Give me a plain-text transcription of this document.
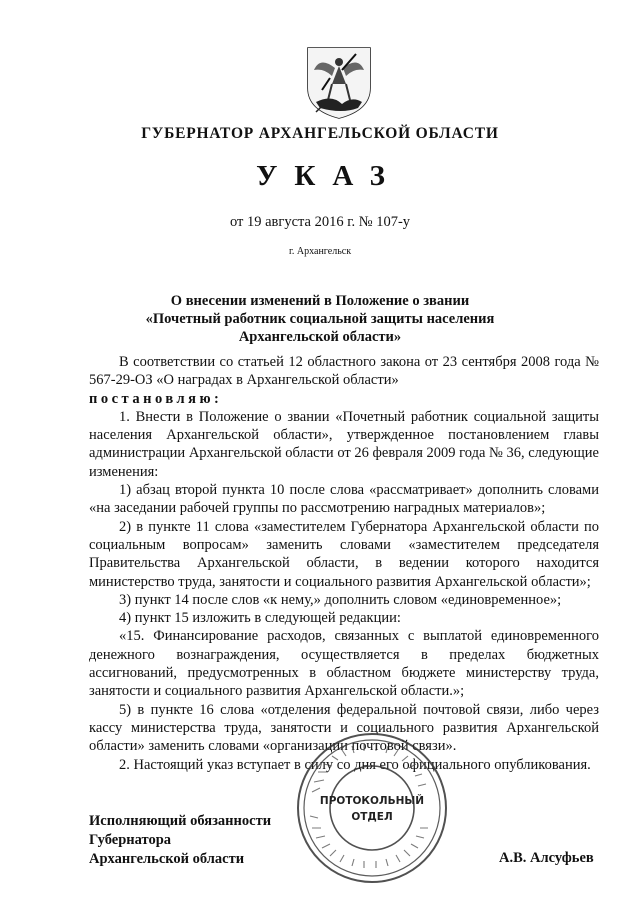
ГУБЕРНАТОР АРХАНГЕЛЬСКОЙ ОБЛАСТИ
УКАЗ
от 19 августа 2016 г. № 107-у
г. Архангельск
О внесении изменений в Положение о звании
«Почетный работник социальной защиты населения
Архангельской области»

В соответствии со статьей 12 областного закона от 23 сентября 2008 года № 567-29-ОЗ «О наградах в Архангельской области»

постановляю:

1. Внести в Положение о звании «Почетный работник социальной защиты населения Архангельской области», утвержденное постановлением главы администрации Архангельской области от 26 февраля 2009 года № 36, следующие изменения:

1) абзац второй пункта 10 после слова «рассматривает» дополнить словами «на заседании рабочей группы по рассмотрению наградных материалов»;

2) в пункте 11 слова «заместителем Губернатора Архангельской области по социальным вопросам» заменить словами «заместителем председателя Правительства Архангельской области, в ведении которого находится министерство труда, занятости и социального развития Архангельской области»;

3) пункт 14 после слов «к нему,» дополнить словом «единовременное»;

4) пункт 15 изложить в следующей редакции:

«15. Финансирование расходов, связанных с выплатой единовременного денежного вознаграждения, осуществляется в пределах бюджетных ассигнований, предусмотренных в областном бюджете министерству труда, занятости и социального развития Архангельской области.»;

5) в пункте 16 слова «отделения федеральной почтовой связи, либо через кассу министерства труда, занятости и социального развития Архангельской области» заменить словами «организации почтовой связи».

2. Настоящий указ вступает в силу со дня его официального опубликования.

Исполняющий обязанности
Губернатора
Архангельской области	А.В. Алсуфьев
ПРОТОКОЛЬНЫЙ
ОТДЕЛ
